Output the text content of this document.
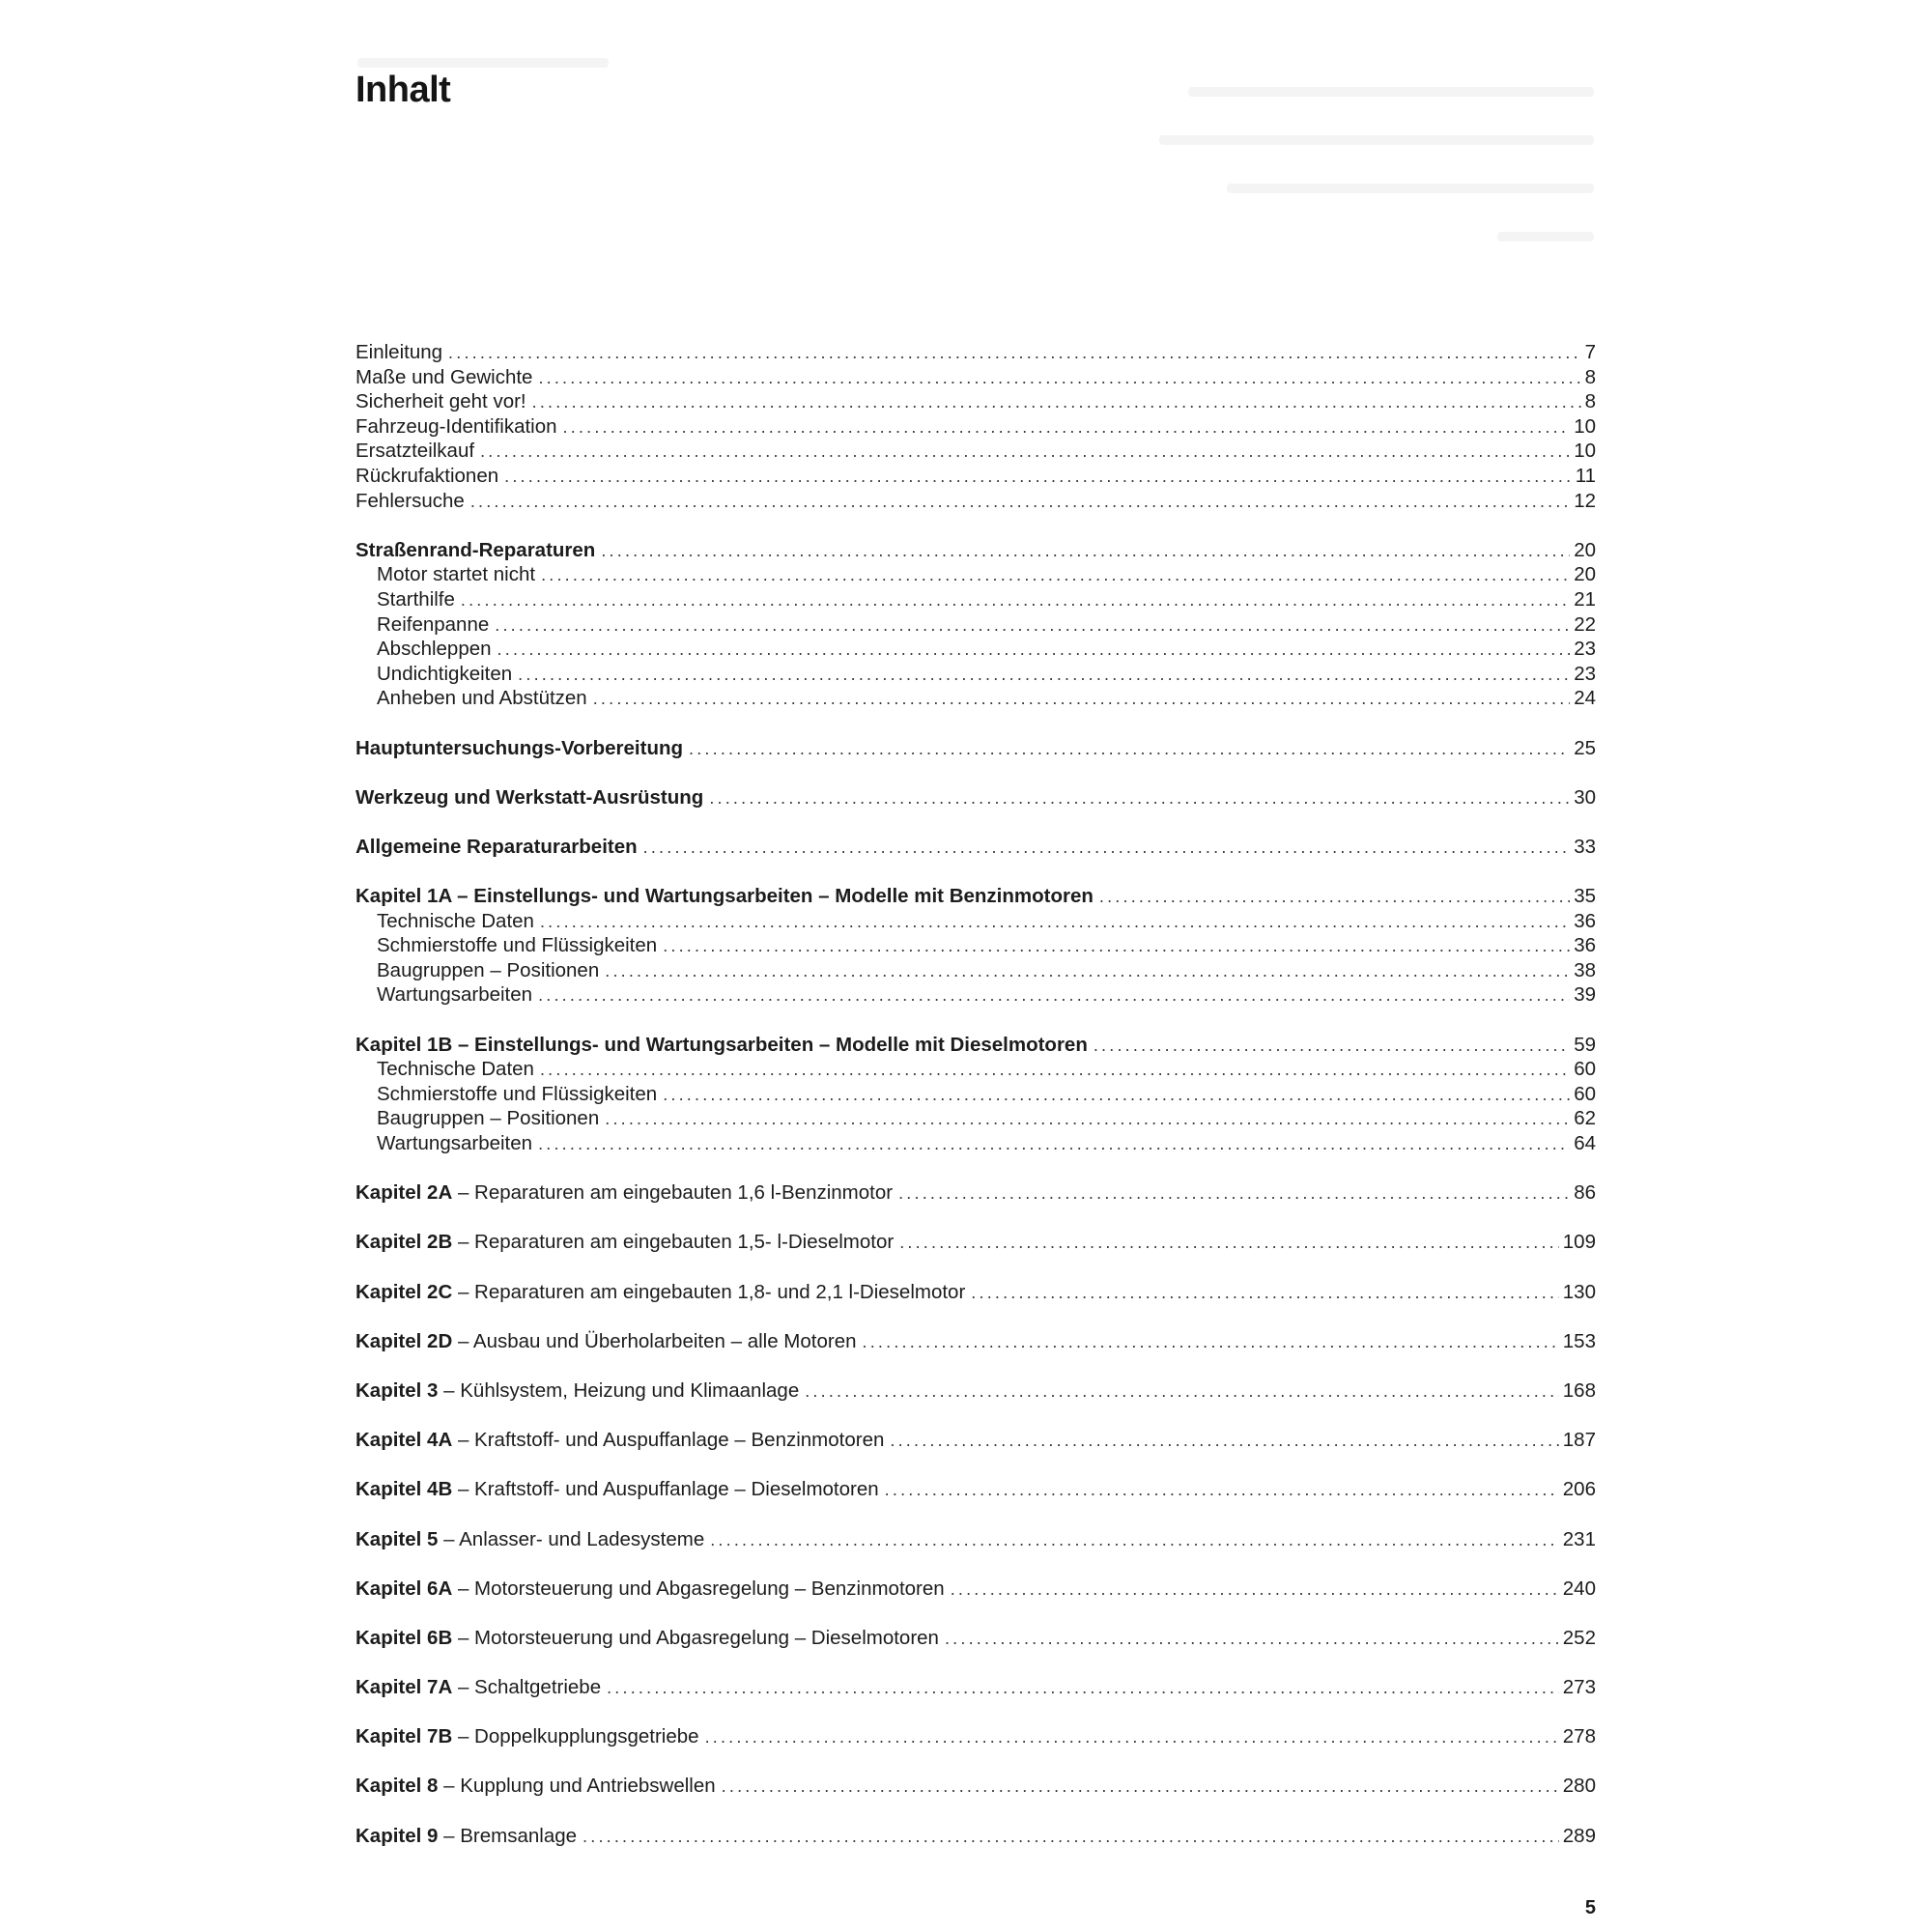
Inhalt
Einleitung .....	7
Maße und Gewichte .....	8
Sicherheit geht vor! .....	8
Fahrzeug-Identifikation .....	10
Ersatzteilkauf .....	10
Rückrufaktionen .....	11
Fehlersuche .....	12
Straßenrand-Reparaturen .....	20
Motor startet nicht .....	20
Starthilfe .....	21
Reifenpanne .....	22
Abschleppen .....	23
Undichtigkeiten .....	23
Anheben und Abstützen .....	24
Hauptuntersuchungs-Vorbereitung .....	25
Werkzeug und Werkstatt-Ausrüstung .....	30
Allgemeine Reparaturarbeiten .....	33
Kapitel 1A – Einstellungs- und Wartungsarbeiten – Modelle mit Benzinmotoren .....	35
Technische Daten .....	36
Schmierstoffe und Flüssigkeiten .....	36
Baugruppen – Positionen .....	38
Wartungsarbeiten .....	39
Kapitel 1B – Einstellungs- und Wartungsarbeiten – Modelle mit Dieselmotoren .....	59
Technische Daten .....	60
Schmierstoffe und Flüssigkeiten .....	60
Baugruppen – Positionen .....	62
Wartungsarbeiten .....	64
Kapitel 2A – Reparaturen am eingebauten 1,6 l-Benzinmotor .....	86
Kapitel 2B – Reparaturen am eingebauten 1,5- l-Dieselmotor .....	109
Kapitel 2C – Reparaturen am eingebauten 1,8- und 2,1 l-Dieselmotor .....	130
Kapitel 2D – Ausbau und Überholarbeiten – alle Motoren .....	153
Kapitel 3 – Kühlsystem, Heizung und Klimaanlage .....	168
Kapitel 4A – Kraftstoff- und Auspuffanlage – Benzinmotoren .....	187
Kapitel 4B – Kraftstoff- und Auspuffanlage – Dieselmotoren .....	206
Kapitel 5 – Anlasser- und Ladesysteme .....	231
Kapitel 6A – Motorsteuerung und Abgasregelung – Benzinmotoren .....	240
Kapitel 6B – Motorsteuerung und Abgasregelung – Dieselmotoren .....	252
Kapitel 7A – Schaltgetriebe .....	273
Kapitel 7B – Doppelkupplungsgetriebe .....	278
Kapitel 8 – Kupplung und Antriebswellen .....	280
Kapitel 9 – Bremsanlage .....	289
5
